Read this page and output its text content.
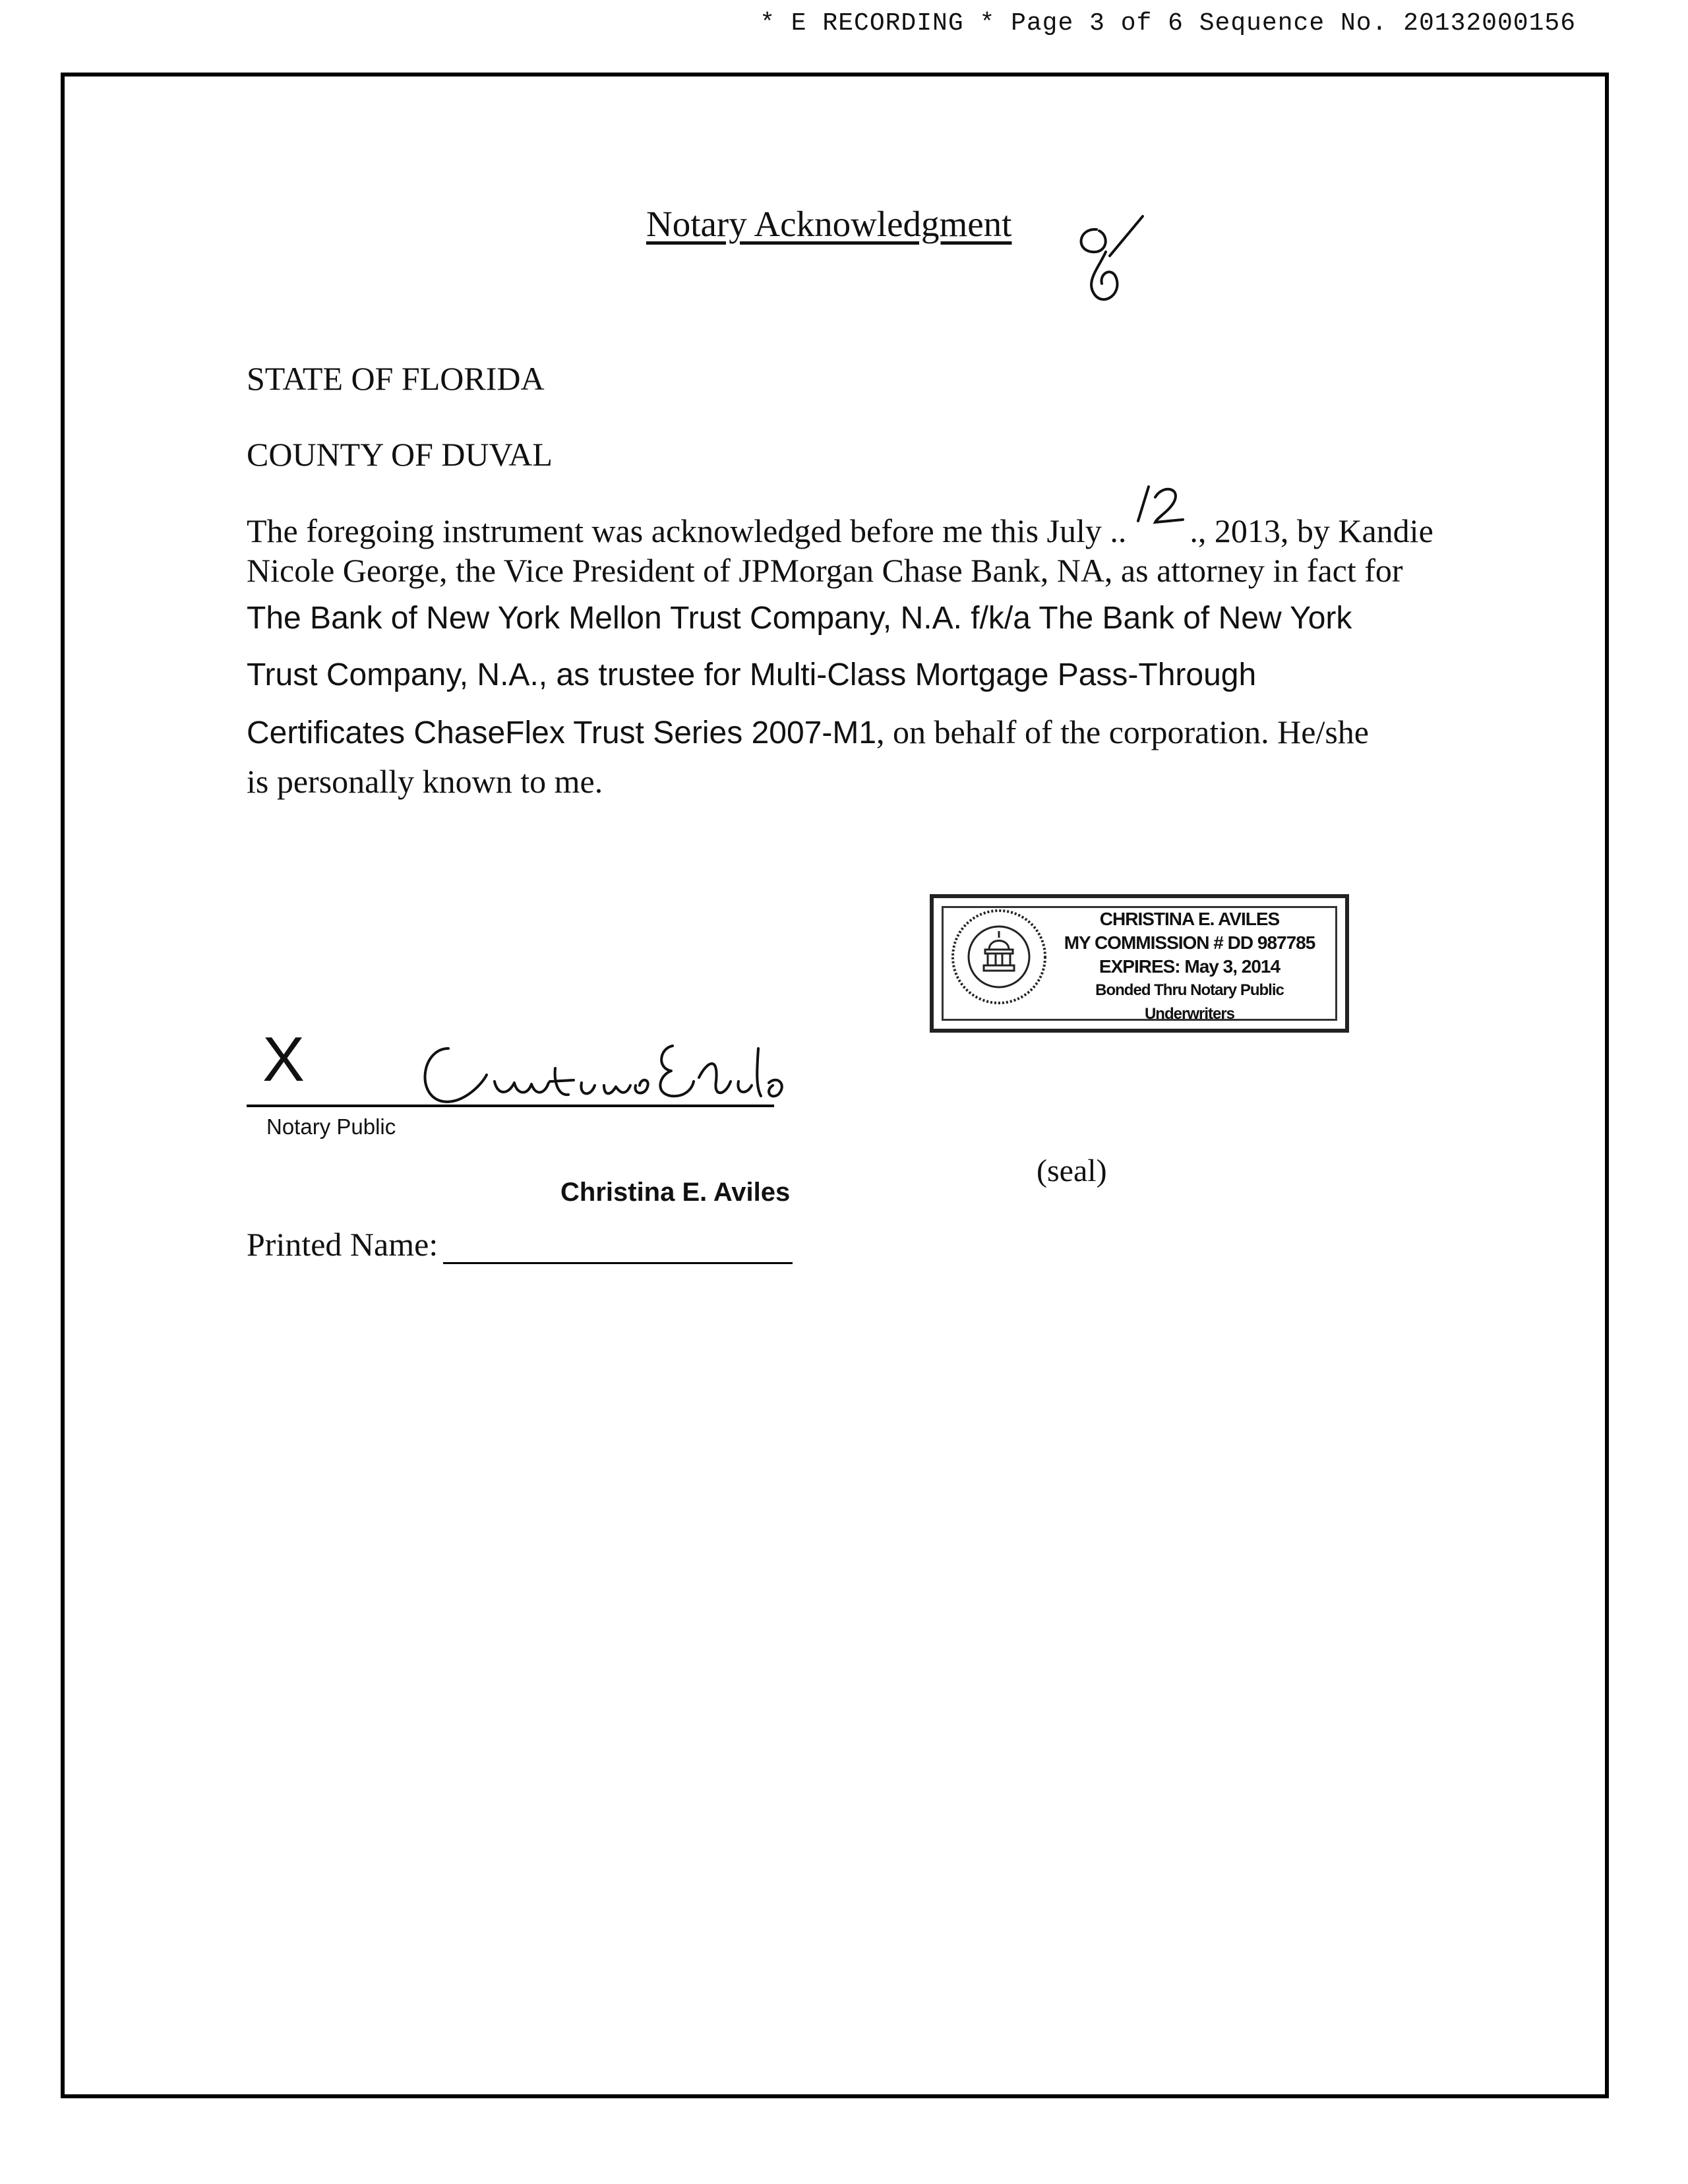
* E RECORDING * Page 3 of 6 Sequence No. 20132000156
Notary Acknowledgment
STATE OF FLORIDA
COUNTY OF DUVAL
The foregoing instrument was acknowledged before me this July .. ., 2013, by Kandie
Nicole George, the Vice President of JPMorgan Chase Bank, NA, as attorney in fact for
The Bank of New York Mellon Trust Company, N.A. f/k/a The Bank of New York
Trust Company, N.A., as trustee for Multi-Class Mortgage Pass-Through
Certificates ChaseFlex Trust Series 2007-M1, on behalf of the corporation. He/she
is personally known to me.
CHRISTINA E. AVILES
MY COMMISSION # DD 987785
EXPIRES: May 3, 2014
Bonded Thru Notary Public Underwriters
X
Notary Public
(seal)
Christina E. Aviles
Printed Name:
